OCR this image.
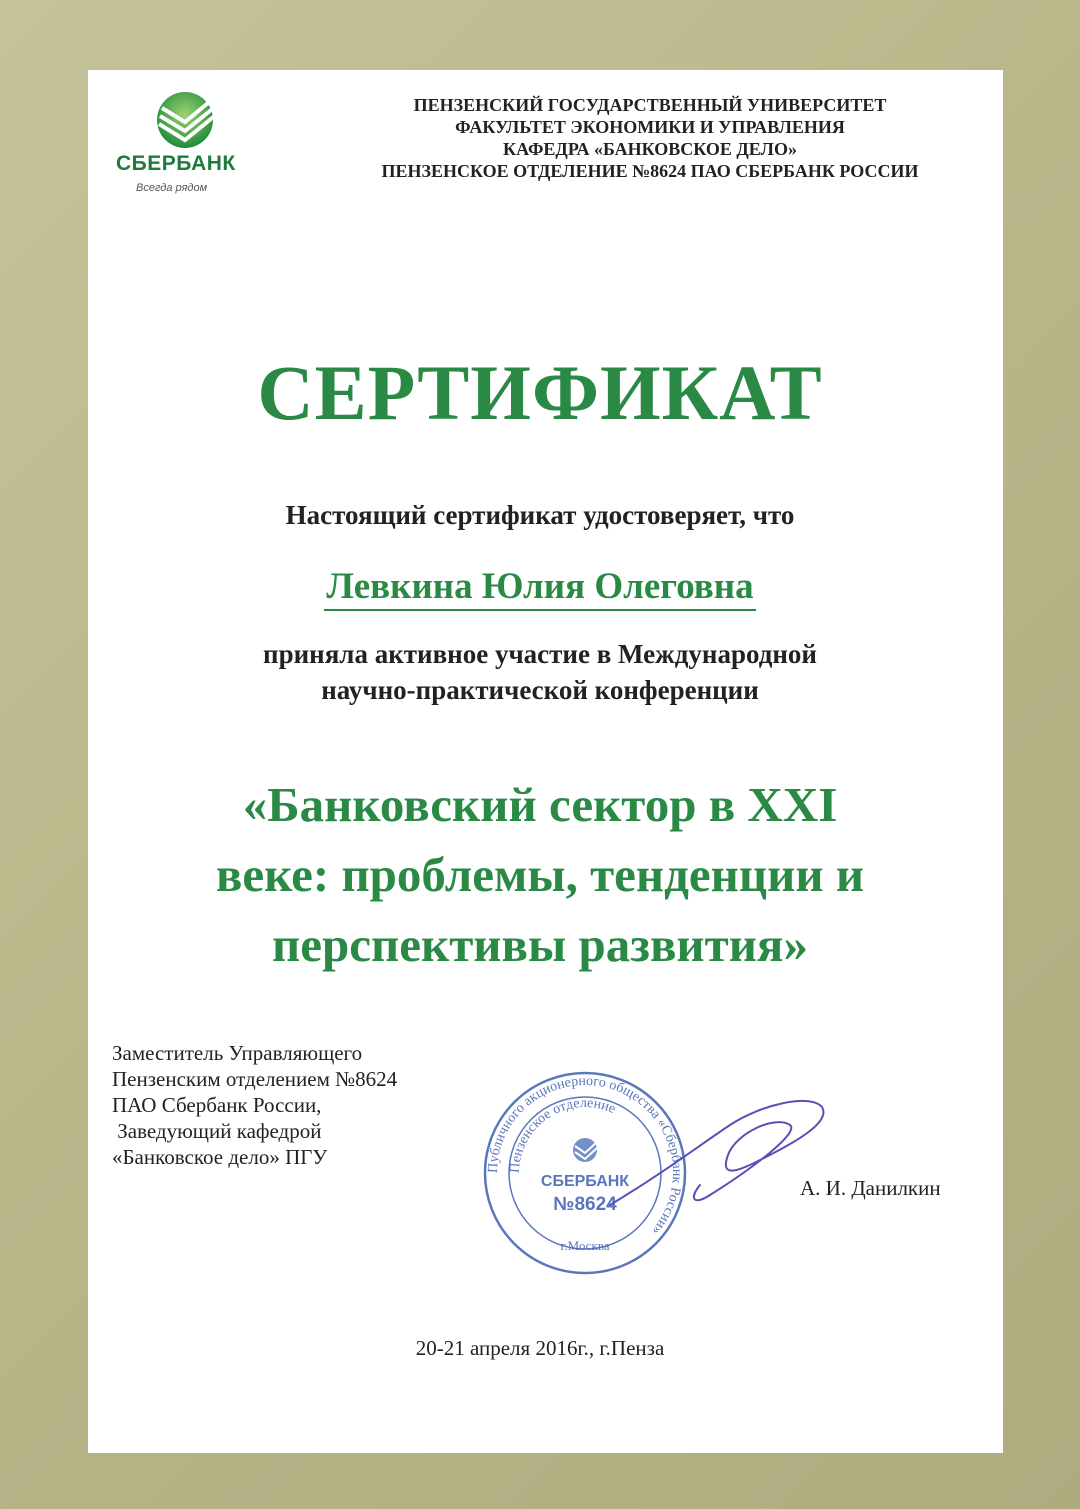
СБЕРБАНК
Всегда рядом
ПЕНЗЕНСКИЙ ГОСУДАРСТВЕННЫЙ УНИВЕРСИТЕТ
ФАКУЛЬТЕТ ЭКОНОМИКИ И УПРАВЛЕНИЯ
КАФЕДРА «БАНКОВСКОЕ ДЕЛО»
ПЕНЗЕНСКОЕ ОТДЕЛЕНИЕ №8624 ПАО СБЕРБАНК РОССИИ
СЕРТИФИКАТ
Настоящий сертификат удостоверяет, что
Левкина Юлия Олеговна
приняла активное участие в Международной
научно-практической конференции
«Банковский сектор в XXI
веке: проблемы, тенденции и
перспективы развития»
Заместитель Управляющего
Пензенским отделением №8624
ПАО Сбербанк России,
Заведующий кафедрой
«Банковское дело» ПГУ	Публичного акционерного общества «Сбербанк России»
Пензенское отделение
СБЕРБАНК
№8624
г.Москва
А. И. Данилкин
20-21 апреля 2016г., г.Пенза
